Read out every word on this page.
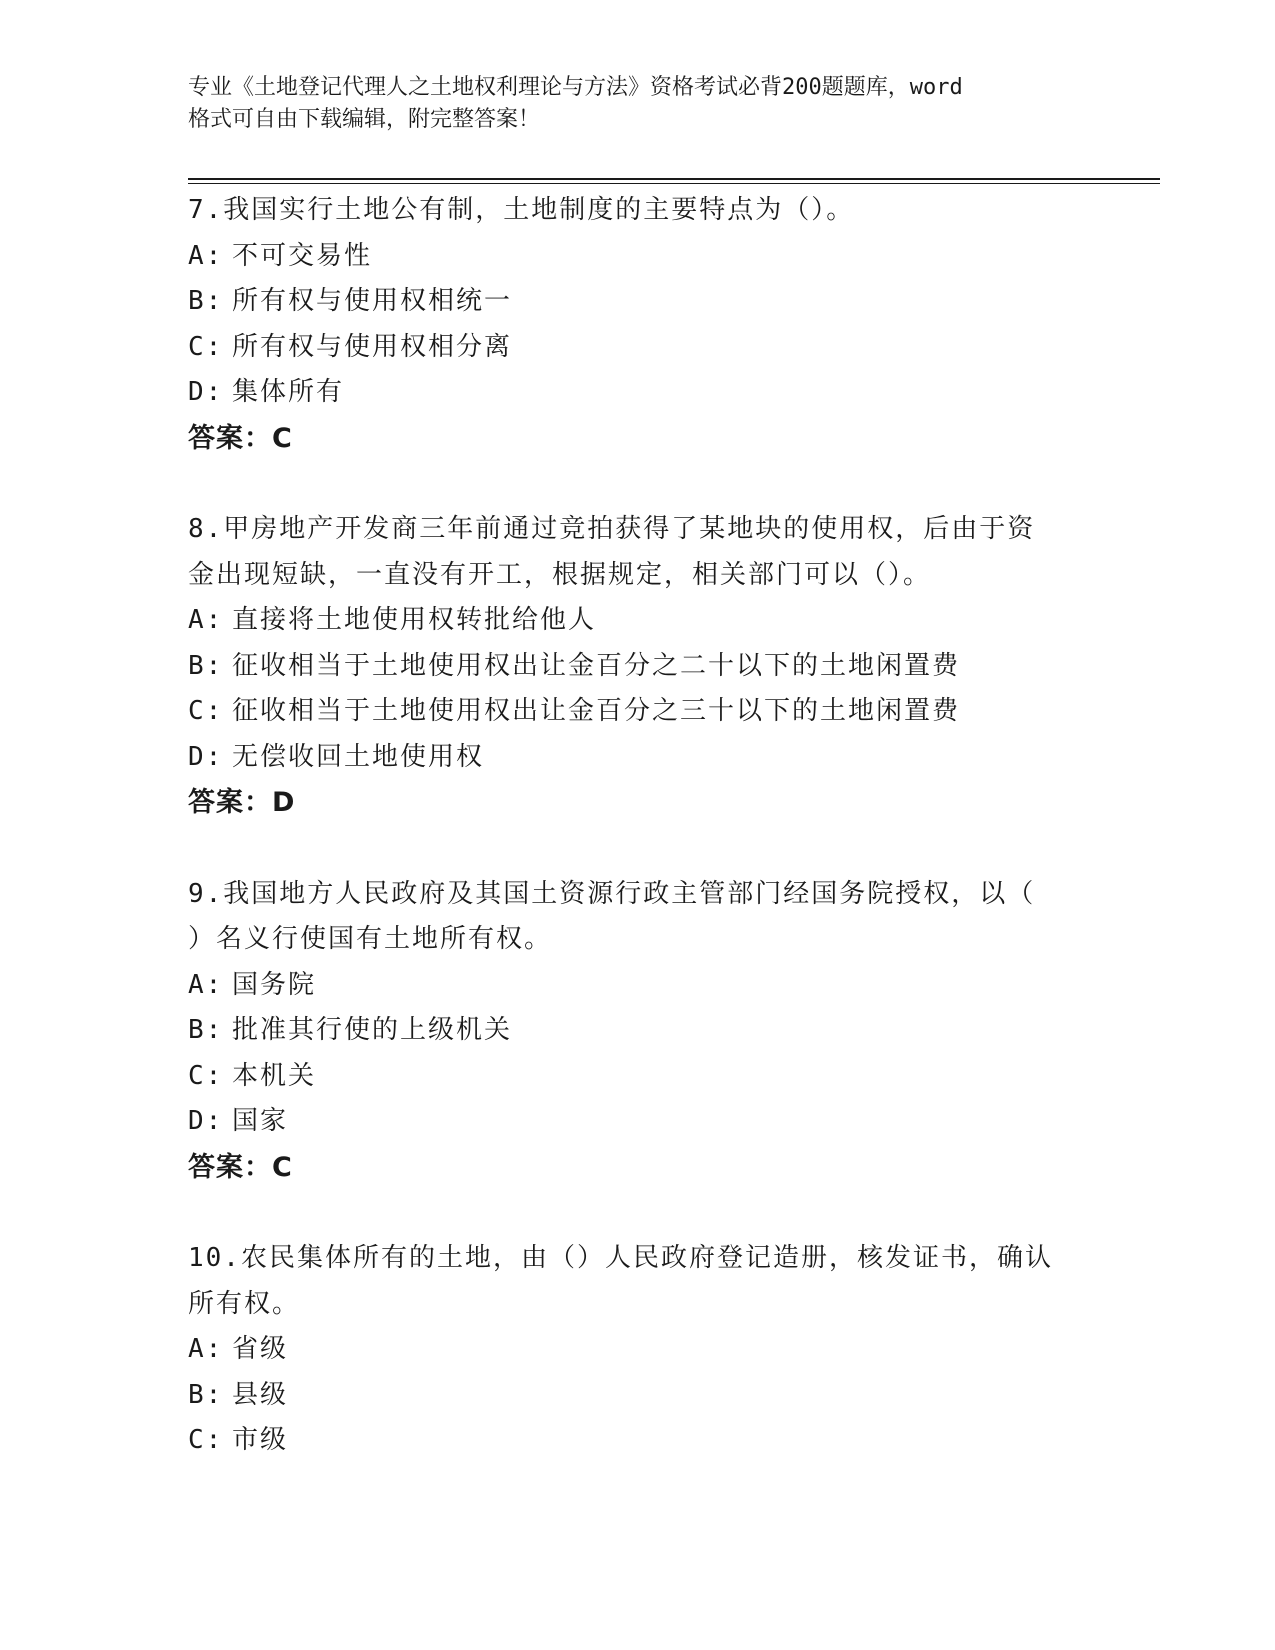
专业《土地登记代理人之土地权利理论与方法》资格考试必背200题题库，word
格式可自由下载编辑，附完整答案！
7.我国实行土地公有制，土地制度的主要特点为（）。
A: 不可交易性
B: 所有权与使用权相统一
C: 所有权与使用权相分离
D: 集体所有
答案：C
8.甲房地产开发商三年前通过竞拍获得了某地块的使用权，后由于资
金出现短缺，一直没有开工，根据规定，相关部门可以（）。
A: 直接将土地使用权转批给他人
B: 征收相当于土地使用权出让金百分之二十以下的土地闲置费
C: 征收相当于土地使用权出让金百分之三十以下的土地闲置费
D: 无偿收回土地使用权
答案：D
9.我国地方人民政府及其国土资源行政主管部门经国务院授权，以（
）名义行使国有土地所有权。
A: 国务院
B: 批准其行使的上级机关
C: 本机关
D: 国家
答案：C
10.农民集体所有的土地，由（）人民政府登记造册，核发证书，确认
所有权。
A: 省级
B: 县级
C: 市级
